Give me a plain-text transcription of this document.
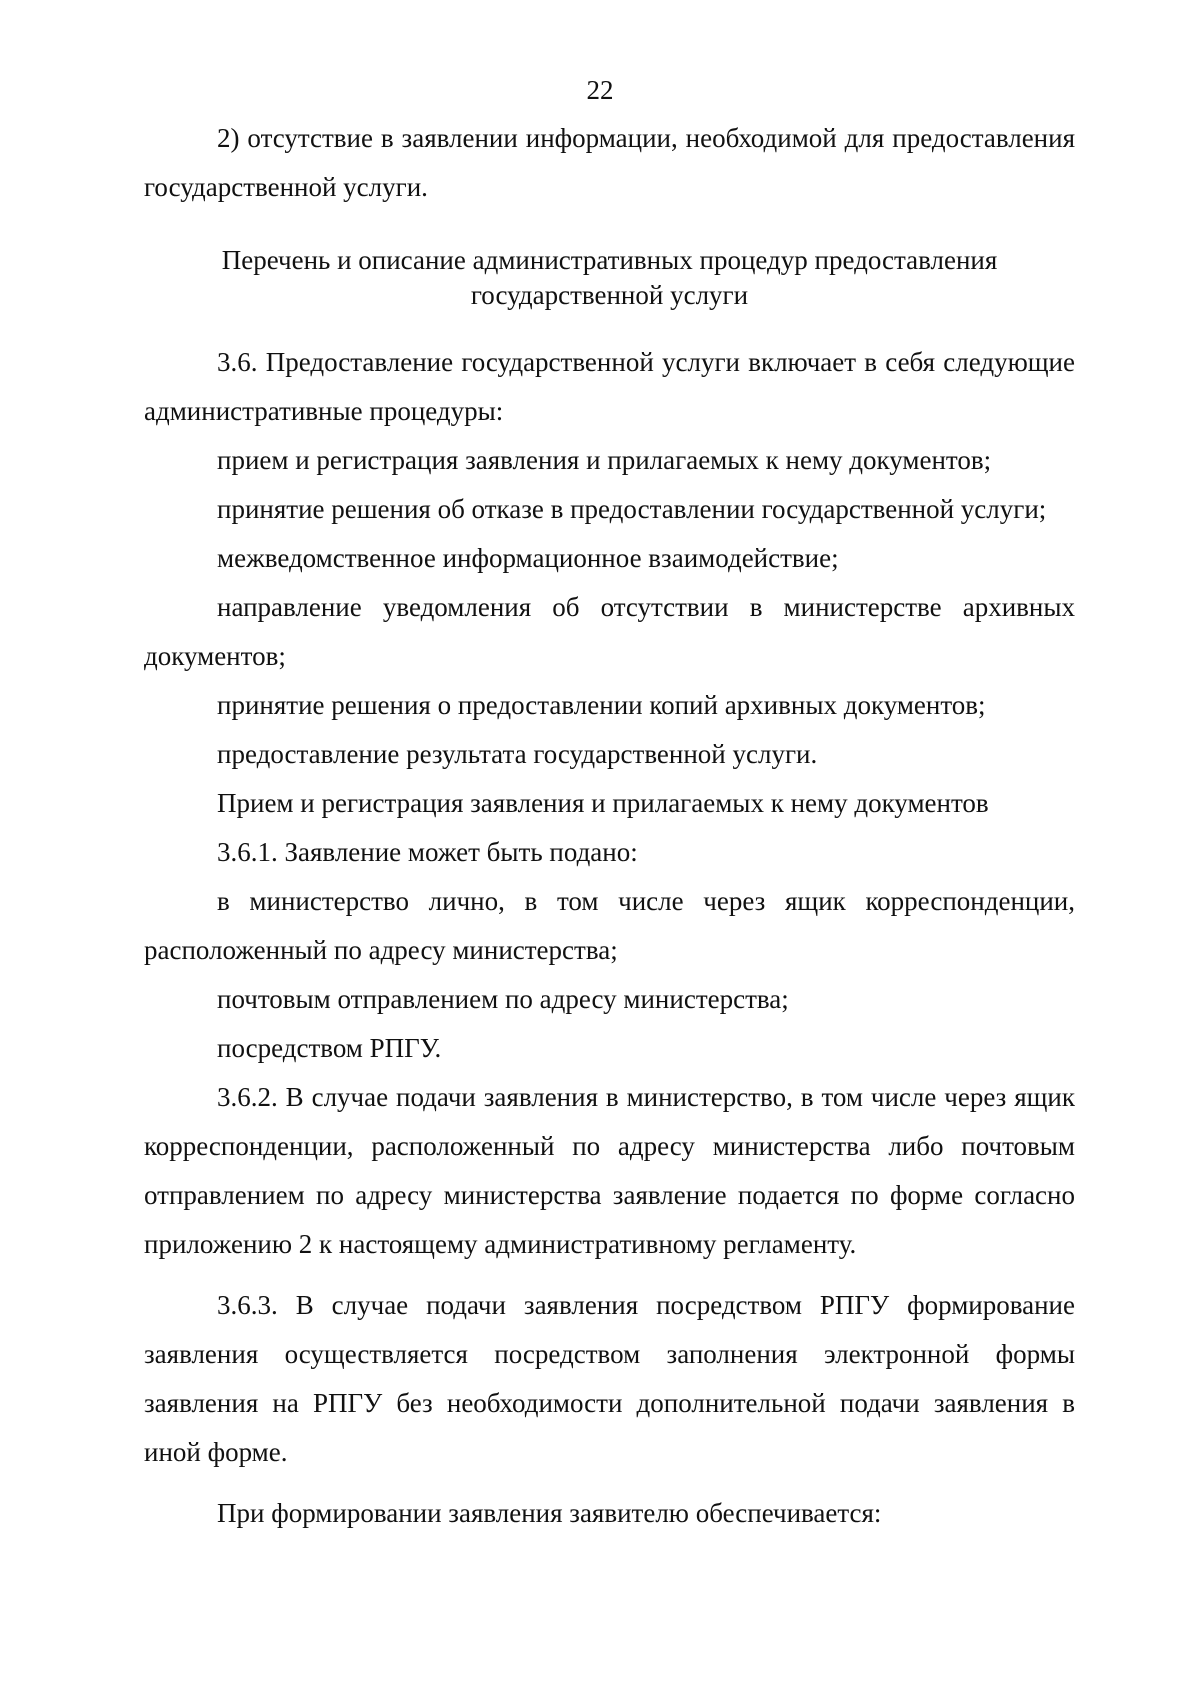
22

2) отсутствие в заявлении информации, необходимой для предоставления государственной услуги.

Перечень и описание административных процедур предоставления государственной услуги

3.6. Предоставление государственной услуги включает в себя следующие административные процедуры:

прием и регистрация заявления и прилагаемых к нему документов;

принятие решения об отказе в предоставлении государственной услуги;

межведомственное информационное взаимодействие;

направление уведомления об отсутствии в министерстве архивных документов;

принятие решения о предоставлении копий архивных документов;

предоставление результата государственной услуги.

Прием и регистрация заявления и прилагаемых к нему документов

3.6.1. Заявление может быть подано:

в министерство лично, в том числе через ящик корреспонденции, расположенный по адресу министерства;

почтовым отправлением по адресу министерства;

посредством РПГУ.

3.6.2. В случае подачи заявления в министерство, в том числе через ящик корреспонденции, расположенный по адресу министерства либо почтовым отправлением по адресу министерства заявление подается по форме согласно приложению 2 к настоящему административному регламенту.

3.6.3. В случае подачи заявления посредством РПГУ формирование заявления осуществляется посредством заполнения электронной формы заявления на РПГУ без необходимости дополнительной подачи заявления в иной форме.

При формировании заявления заявителю обеспечивается:
